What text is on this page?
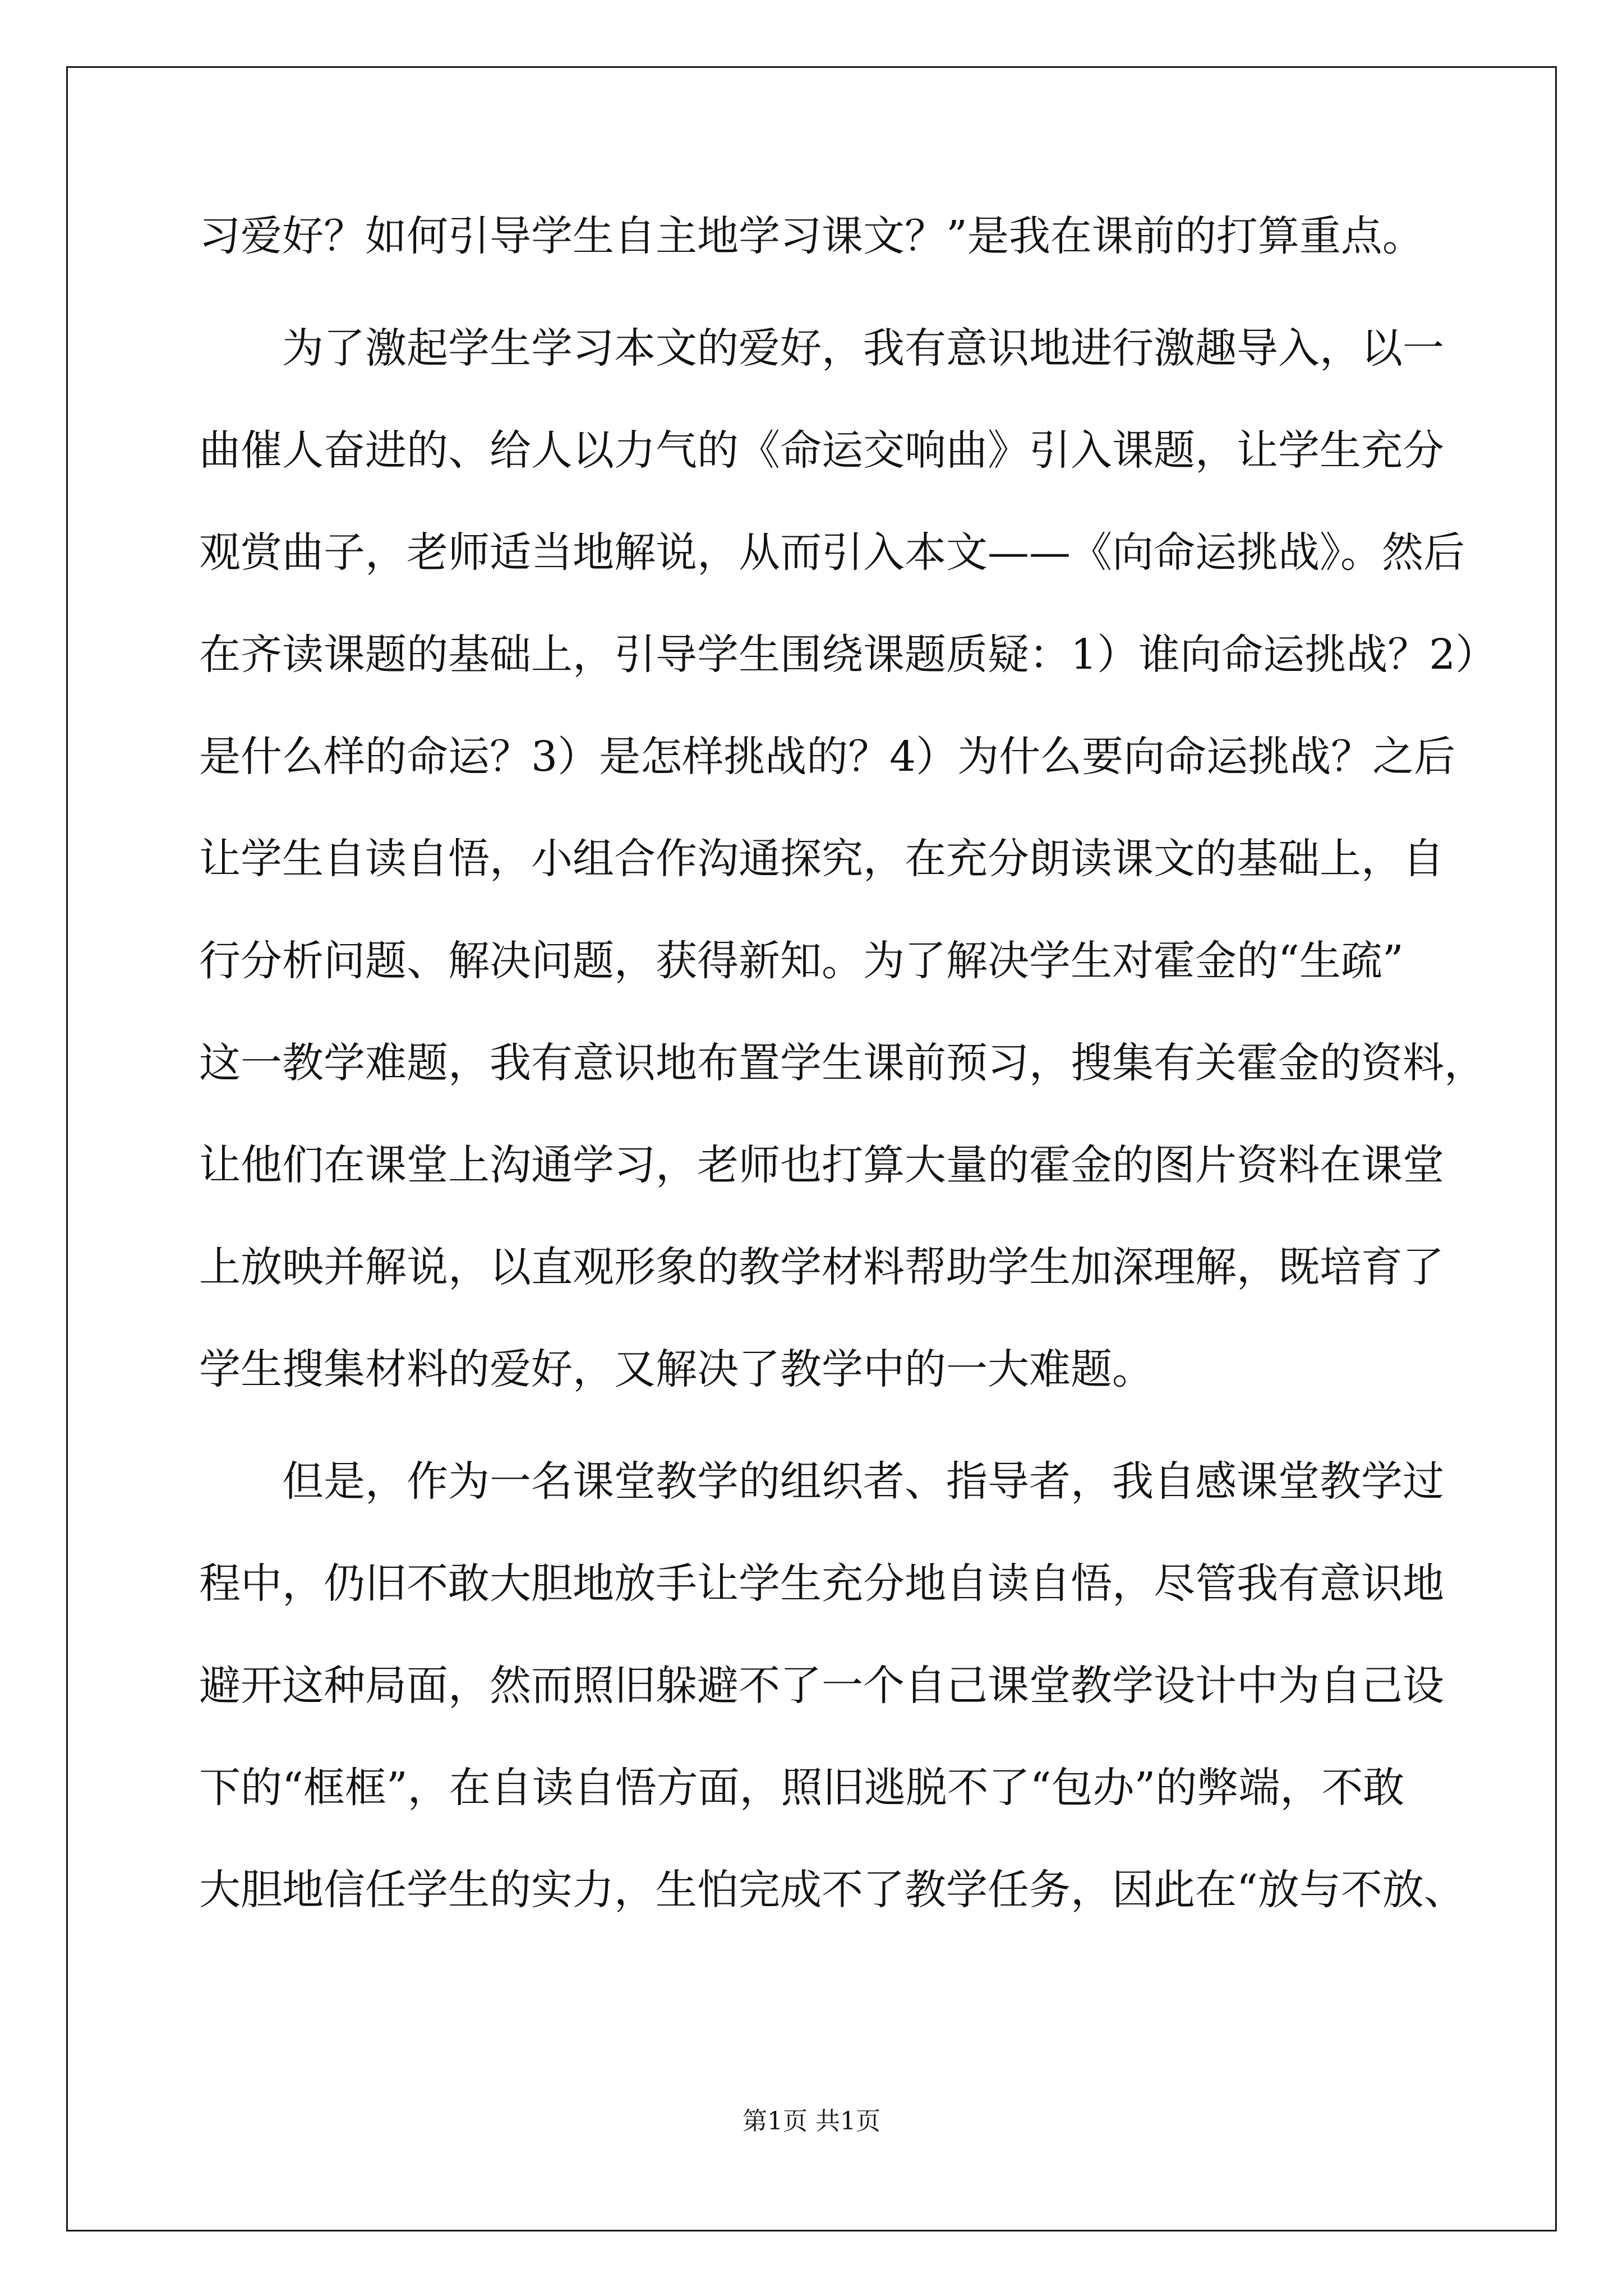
习爱好？如何引导学生自主地学习课文？”是我在课前的打算重点。

为了激起学生学习本文的爱好，我有意识地进行激趣导入，以一

曲催人奋进的、给人以力气的《命运交响曲》引入课题，让学生充分

观赏曲子，老师适当地解说，从而引入本文——《向命运挑战》。然后

在齐读课题的基础上，引导学生围绕课题质疑：1）谁向命运挑战？2）

是什么样的命运？3）是怎样挑战的？4）为什么要向命运挑战？之后

让学生自读自悟，小组合作沟通探究，在充分朗读课文的基础上，自

行分析问题、解决问题，获得新知。为了解决学生对霍金的“生疏”

这一教学难题，我有意识地布置学生课前预习，搜集有关霍金的资料，

让他们在课堂上沟通学习，老师也打算大量的霍金的图片资料在课堂

上放映并解说，以直观形象的教学材料帮助学生加深理解，既培育了

学生搜集材料的爱好，又解决了教学中的一大难题。

但是，作为一名课堂教学的组织者、指导者，我自感课堂教学过

程中，仍旧不敢大胆地放手让学生充分地自读自悟，尽管我有意识地

避开这种局面，然而照旧躲避不了一个自己课堂教学设计中为自己设

下的“框框”，在自读自悟方面，照旧逃脱不了“包办”的弊端，不敢

大胆地信任学生的实力，生怕完成不了教学任务，因此在“放与不放、

第1页 共1页
